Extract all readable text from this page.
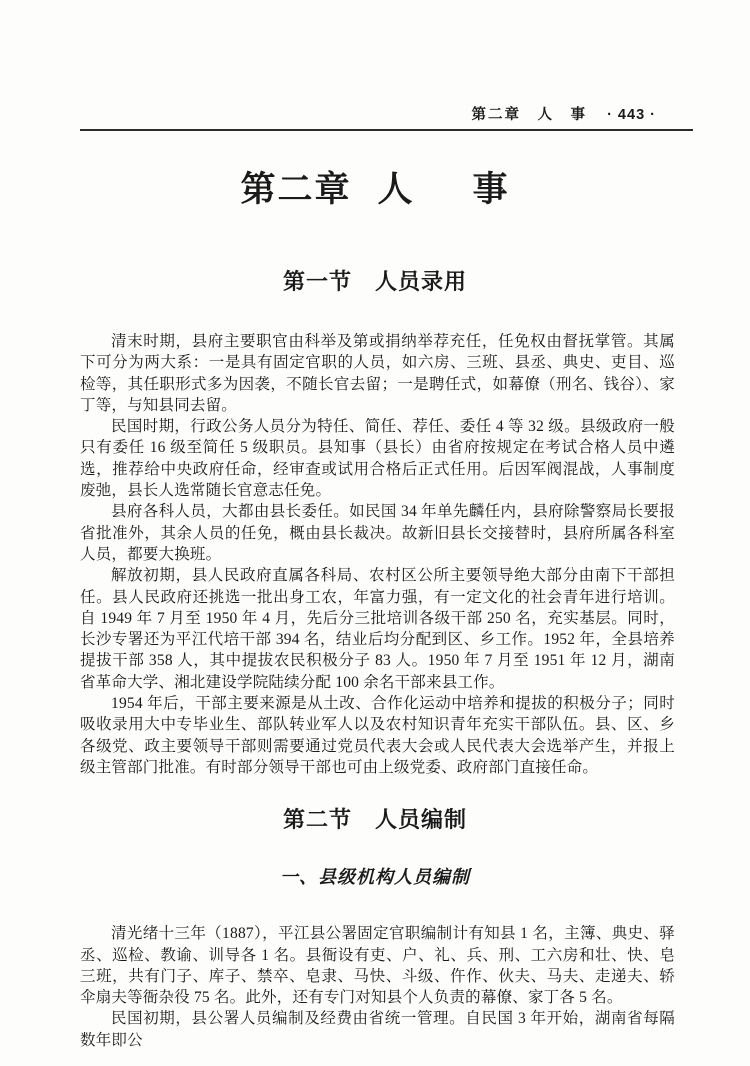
第二章　人　事 · 443 ·
第二章 人 事
第一节　人员录用

清末时期，县府主要职官由科举及第或捐纳举荐充任，任免权由督抚掌管。其属下可分为两大系：一是具有固定官职的人员，如六房、三班、县丞、典史、吏目、巡检等，其任职形式多为因袭，不随长官去留；一是聘任式，如幕僚（刑名、钱谷）、家丁等，与知县同去留。

民国时期，行政公务人员分为特任、简任、荐任、委任 4 等 32 级。县级政府一般只有委任 16 级至简任 5 级职员。县知事（县长）由省府按规定在考试合格人员中遴选，推荐给中央政府任命，经审查或试用合格后正式任用。后因军阀混战，人事制度废弛，县长人选常随长官意志任免。

县府各科人员，大都由县长委任。如民国 34 年单先麟任内，县府除警察局长要报省批准外，其余人员的任免，概由县长裁决。故新旧县长交接替时，县府所属各科室人员，都要大换班。

解放初期，县人民政府直属各科局、农村区公所主要领导绝大部分由南下干部担任。县人民政府还挑选一批出身工农，年富力强，有一定文化的社会青年进行培训。自 1949 年 7 月至 1950 年 4 月，先后分三批培训各级干部 250 名，充实基层。同时，长沙专署还为平江代培干部 394 名，结业后均分配到区、乡工作。1952 年，全县培养提拔干部 358 人，其中提拔农民积极分子 83 人。1950 年 7 月至 1951 年 12 月，湖南省革命大学、湘北建设学院陆续分配 100 余名干部来县工作。

1954 年后，干部主要来源是从土改、合作化运动中培养和提拔的积极分子；同时吸收录用大中专毕业生、部队转业军人以及农村知识青年充实干部队伍。县、区、乡各级党、政主要领导干部则需要通过党员代表大会或人民代表大会选举产生，并报上级主管部门批准。有时部分领导干部也可由上级党委、政府部门直接任命。

第二节　人员编制
一、县级机构人员编制

清光绪十三年（1887），平江县公署固定官职编制计有知县 1 名，主簿、典史、驿丞、巡检、教谕、训导各 1 名。县衙设有吏、户、礼、兵、刑、工六房和壮、快、皂三班，共有门子、库子、禁卒、皂隶、马快、斗级、仵作、伙夫、马夫、走递夫、轿伞扇夫等衙杂役 75 名。此外，还有专门对知县个人负责的幕僚、家丁各 5 名。

民国初期，县公署人员编制及经费由省统一管理。自民国 3 年开始，湖南省每隔数年即公
